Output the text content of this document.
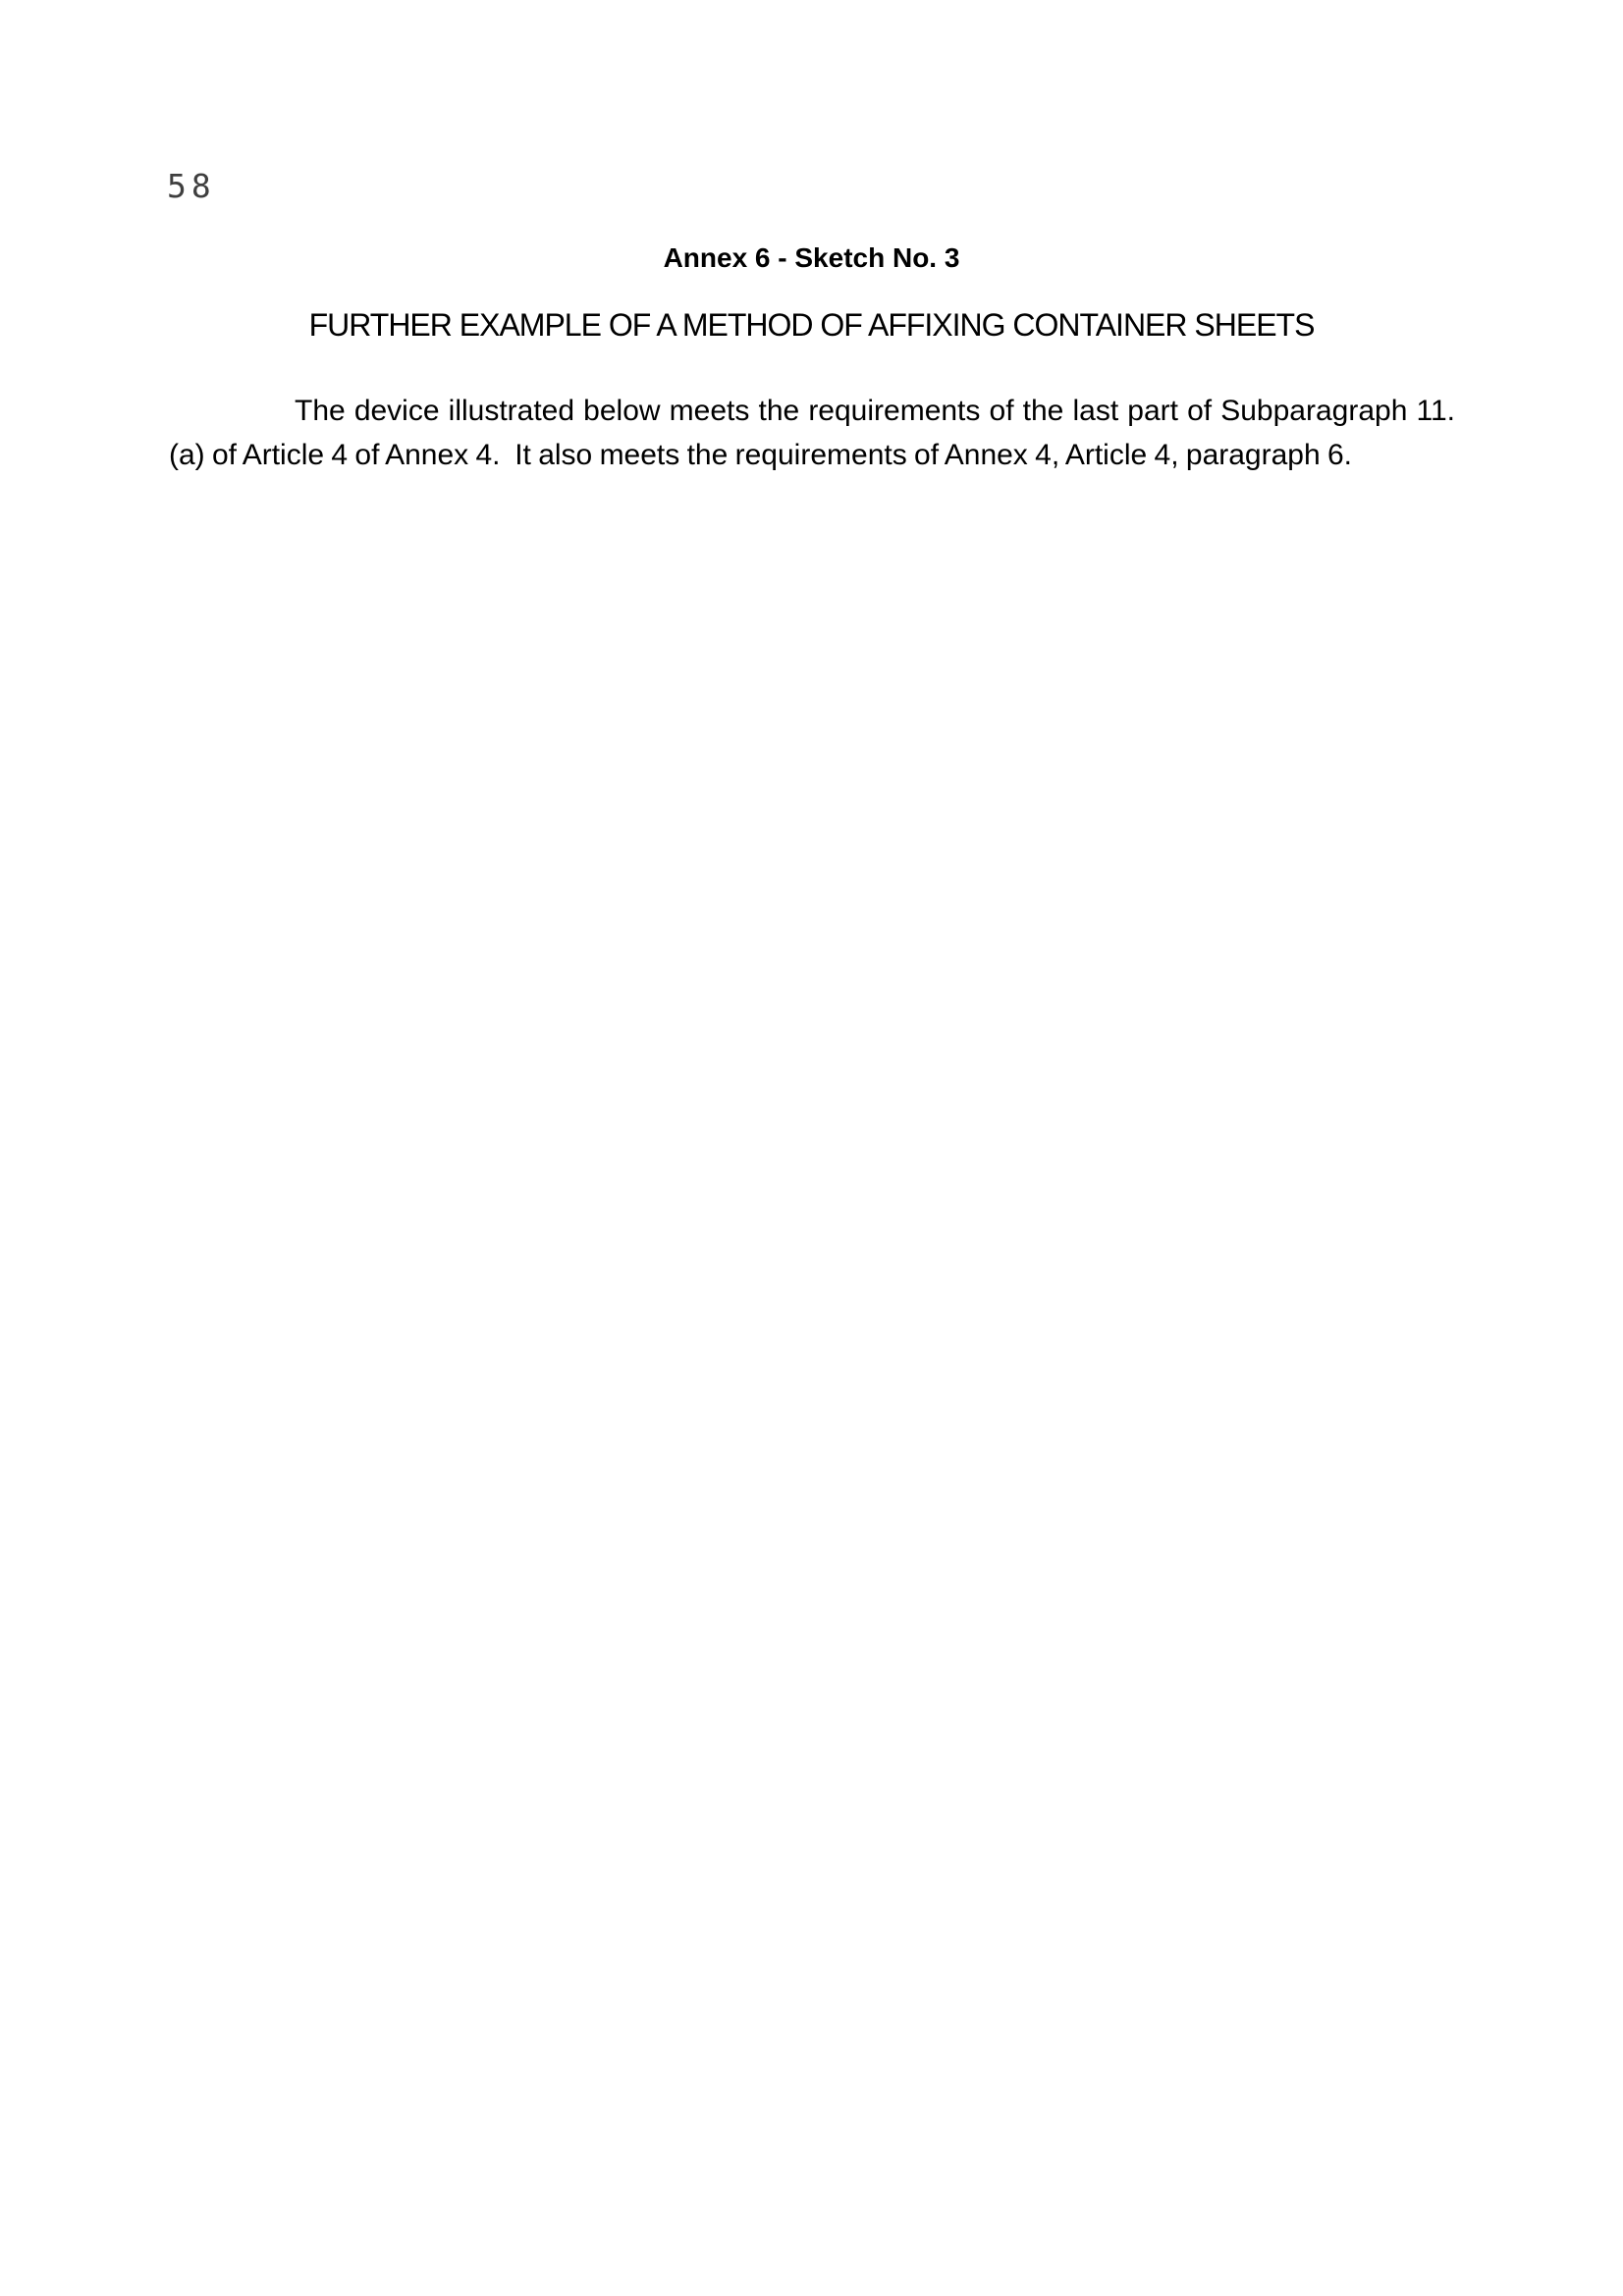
58
Annex 6 - Sketch No. 3
FURTHER EXAMPLE OF A METHOD OF AFFIXING CONTAINER SHEETS

The device illustrated below meets the requirements of the last part of Subparagraph 11.(a) of Article 4 of Annex 4.  It also meets the requirements of Annex 4, Article 4, paragraph 6.
